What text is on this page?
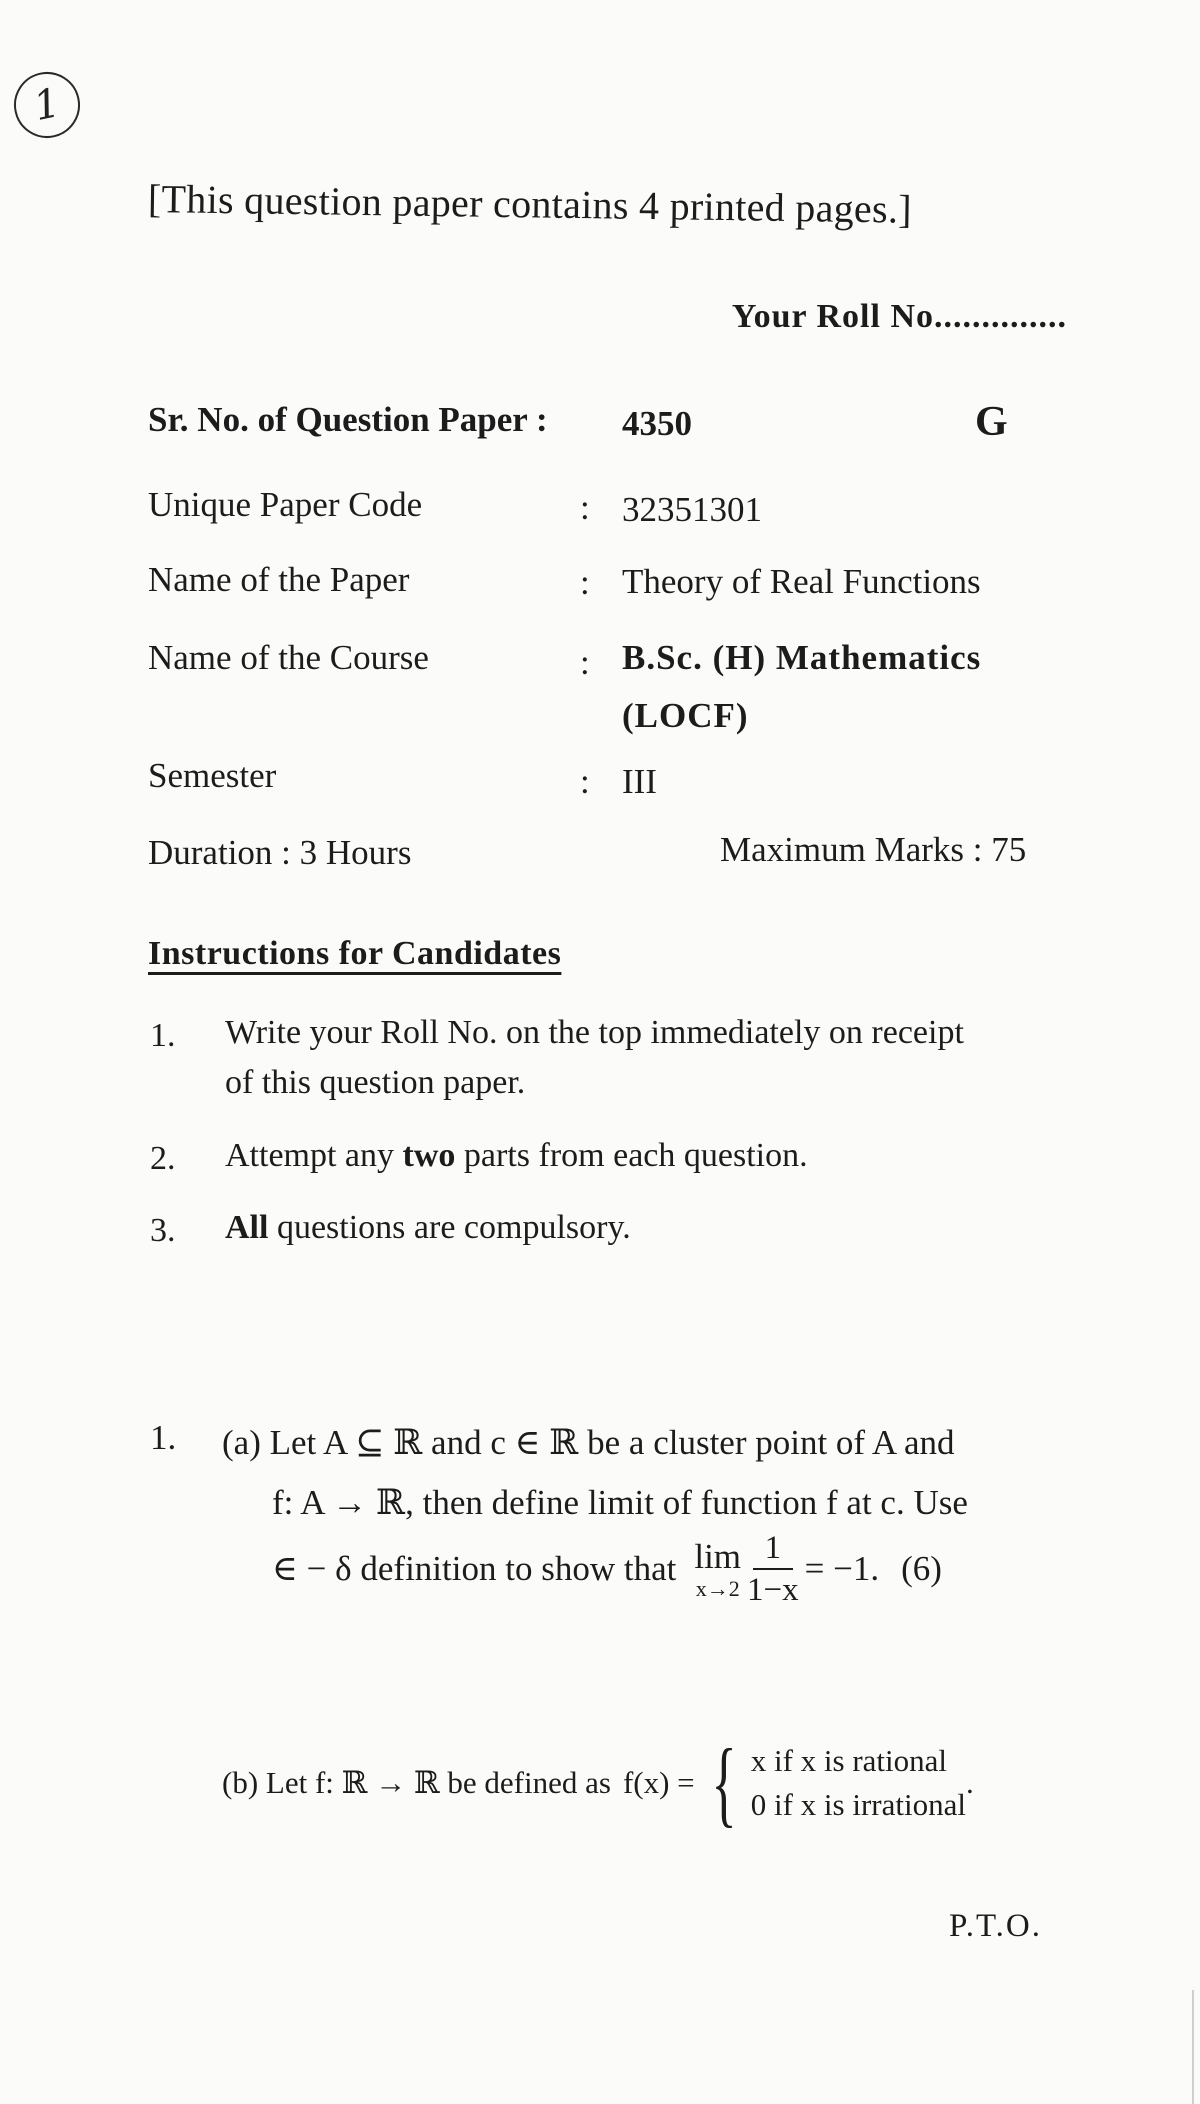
1
[This question paper contains 4 printed pages.]
Your Roll No..............
Sr. No. of Question Paper : 4350	G
Unique Paper Code	: 32351301
Name of the Paper	: Theory of Real Functions
Name of the Course	: B.Sc. (H) Mathematics
(LOCF)
Semester	: III
Duration : 3 Hours	Maximum Marks : 75
Instructions for Candidates
1. Write your Roll No. on the top immediately on receipt
of this question paper.
2. Attempt any two parts from each question.
3. All questions are compulsory.
1. (a) Let A ⊆ ℝ and c ∈ ℝ be a cluster point of A and
f: A → ℝ, then define limit of function f at c. Use
∈ − δ definition to show that lim
$x\to 2 \frac{1}{1-x} = -1$. (6)
(b) Let f: ℝ → ℝ be defined as f(x) = { x if x is rational
0 if x is irrational
.
P.T.O.
